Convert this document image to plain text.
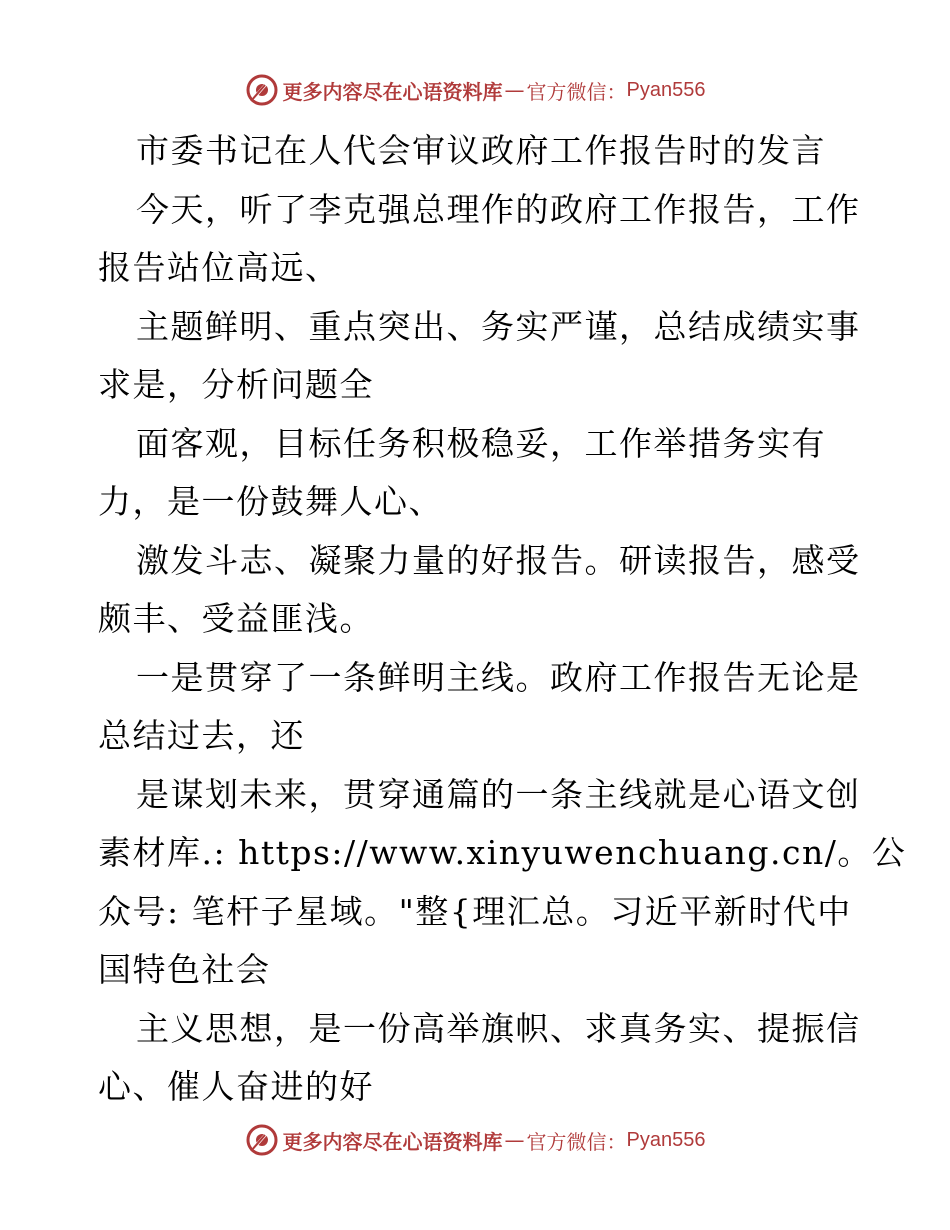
更多内容尽在心语资料库 — 官方微信： Pyan556
市委书记在人代会审议政府工作报告时的发言
今天，听了李克强总理作的政府工作报告，工作
报告站位高远、
主题鲜明、重点突出、务实严谨，总结成绩实事
求是，分析问题全
面客观，目标任务积极稳妥，工作举措务实有
力，是一份鼓舞人心、
激发斗志、凝聚力量的好报告。研读报告，感受
颇丰、受益匪浅。
一是贯穿了一条鲜明主线。政府工作报告无论是
总结过去，还
是谋划未来，贯穿通篇的一条主线就是心语文创
素材库.: https://www.xinyuwenchuang.cn/。公
众号: 笔杆子星域。"整{理汇总。习近平新时代中
国特色社会
主义思想，是一份高举旗帜、求真务实、提振信
心、催人奋进的好
更多内容尽在心语资料库 — 官方微信： Pyan556
